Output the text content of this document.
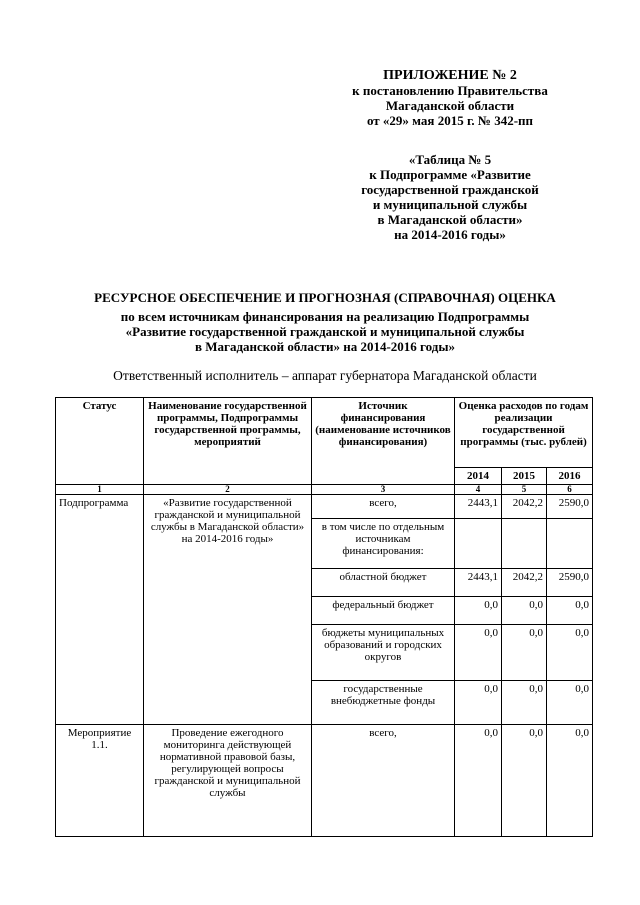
ПРИЛОЖЕНИЕ № 2
к постановлению Правительства
Магаданской области
от «29» мая 2015 г. № 342-пп
«Таблица № 5
к Подпрограмме «Развитие
государственной гражданской
и муниципальной службы
в Магаданской области»
на 2014-2016 годы»
РЕСУРСНОЕ ОБЕСПЕЧЕНИЕ И ПРОГНОЗНАЯ (СПРАВОЧНАЯ) ОЦЕНКА
по всем источникам финансирования на реализацию Подпрограммы
«Развитие государственной гражданской и муниципальной службы
в Магаданской области» на 2014-2016 годы»
Ответственный исполнитель – аппарат губернатора Магаданской области
Статус	Наименование государственной программы, Подпрограммы государственной программы, мероприятий	Источник финансирования (наименование источников финансирования)	Оценка расходов по годам реализации государственной программы (тыс. рублей)		
			2014	2015	2016
1	2	3	4	5	6
Подпрограмма	«Развитие государственной гражданской и муниципальной службы в Магаданской области» на 2014-2016 годы»	всего,	2443,1	2042,2	2590,0
		в том числе по отдельным источникам финансирования:			
		областной бюджет	2443,1	2042,2	2590,0
		федеральный бюджет	0,0	0,0	0,0
		бюджеты муниципальных образований и городских округов	0,0	0,0	0,0
		государственные внебюджетные фонды	0,0	0,0	0,0
Мероприятие 1.1.	Проведение ежегодного мониторинга действующей нормативной правовой базы, регулирующей вопросы гражданской и муниципальной службы	всего,	0,0	0,0	0,0
